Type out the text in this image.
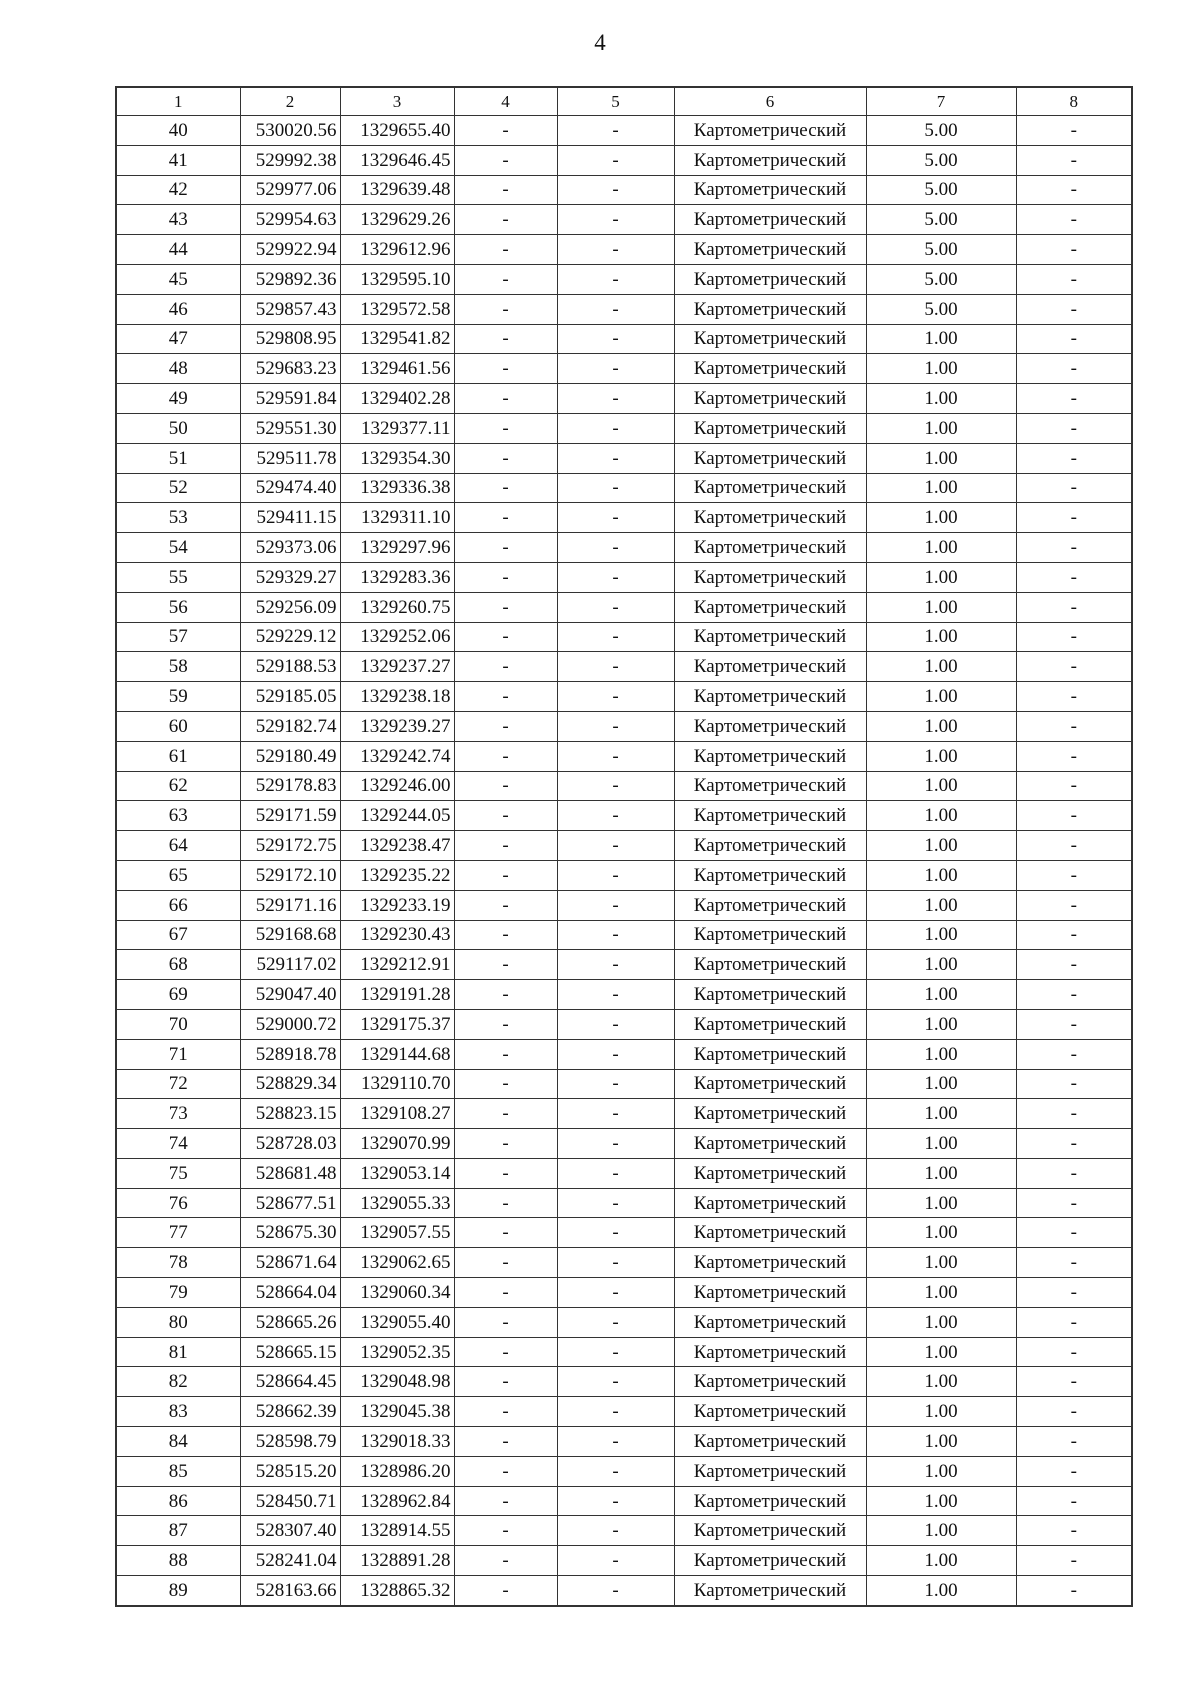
4
1	2	3	4	5	6	7	8
40	530020.56	1329655.40	-	-	Картометрический	5.00	-
41	529992.38	1329646.45	-	-	Картометрический	5.00	-
42	529977.06	1329639.48	-	-	Картометрический	5.00	-
43	529954.63	1329629.26	-	-	Картометрический	5.00	-
44	529922.94	1329612.96	-	-	Картометрический	5.00	-
45	529892.36	1329595.10	-	-	Картометрический	5.00	-
46	529857.43	1329572.58	-	-	Картометрический	5.00	-
47	529808.95	1329541.82	-	-	Картометрический	1.00	-
48	529683.23	1329461.56	-	-	Картометрический	1.00	-
49	529591.84	1329402.28	-	-	Картометрический	1.00	-
50	529551.30	1329377.11	-	-	Картометрический	1.00	-
51	529511.78	1329354.30	-	-	Картометрический	1.00	-
52	529474.40	1329336.38	-	-	Картометрический	1.00	-
53	529411.15	1329311.10	-	-	Картометрический	1.00	-
54	529373.06	1329297.96	-	-	Картометрический	1.00	-
55	529329.27	1329283.36	-	-	Картометрический	1.00	-
56	529256.09	1329260.75	-	-	Картометрический	1.00	-
57	529229.12	1329252.06	-	-	Картометрический	1.00	-
58	529188.53	1329237.27	-	-	Картометрический	1.00	-
59	529185.05	1329238.18	-	-	Картометрический	1.00	-
60	529182.74	1329239.27	-	-	Картометрический	1.00	-
61	529180.49	1329242.74	-	-	Картометрический	1.00	-
62	529178.83	1329246.00	-	-	Картометрический	1.00	-
63	529171.59	1329244.05	-	-	Картометрический	1.00	-
64	529172.75	1329238.47	-	-	Картометрический	1.00	-
65	529172.10	1329235.22	-	-	Картометрический	1.00	-
66	529171.16	1329233.19	-	-	Картометрический	1.00	-
67	529168.68	1329230.43	-	-	Картометрический	1.00	-
68	529117.02	1329212.91	-	-	Картометрический	1.00	-
69	529047.40	1329191.28	-	-	Картометрический	1.00	-
70	529000.72	1329175.37	-	-	Картометрический	1.00	-
71	528918.78	1329144.68	-	-	Картометрический	1.00	-
72	528829.34	1329110.70	-	-	Картометрический	1.00	-
73	528823.15	1329108.27	-	-	Картометрический	1.00	-
74	528728.03	1329070.99	-	-	Картометрический	1.00	-
75	528681.48	1329053.14	-	-	Картометрический	1.00	-
76	528677.51	1329055.33	-	-	Картометрический	1.00	-
77	528675.30	1329057.55	-	-	Картометрический	1.00	-
78	528671.64	1329062.65	-	-	Картометрический	1.00	-
79	528664.04	1329060.34	-	-	Картометрический	1.00	-
80	528665.26	1329055.40	-	-	Картометрический	1.00	-
81	528665.15	1329052.35	-	-	Картометрический	1.00	-
82	528664.45	1329048.98	-	-	Картометрический	1.00	-
83	528662.39	1329045.38	-	-	Картометрический	1.00	-
84	528598.79	1329018.33	-	-	Картометрический	1.00	-
85	528515.20	1328986.20	-	-	Картометрический	1.00	-
86	528450.71	1328962.84	-	-	Картометрический	1.00	-
87	528307.40	1328914.55	-	-	Картометрический	1.00	-
88	528241.04	1328891.28	-	-	Картометрический	1.00	-
89	528163.66	1328865.32	-	-	Картометрический	1.00	-
